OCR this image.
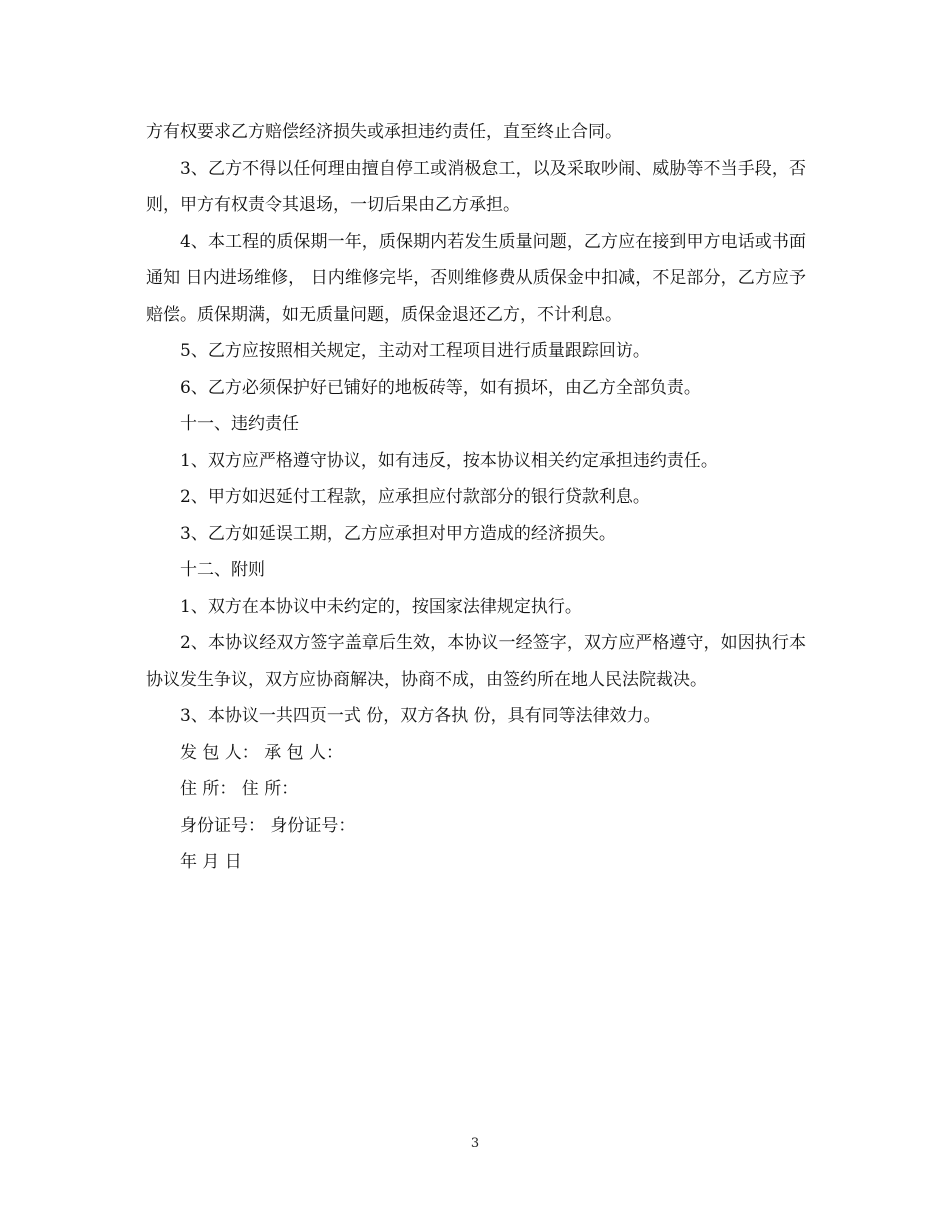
方有权要求乙方赔偿经济损失或承担违约责任，直至终止合同。

3、乙方不得以任何理由擅自停工或消极怠工，以及采取吵闹、威胁等不当手段，否则，甲方有权责令其退场，一切后果由乙方承担。

4、本工程的质保期一年，质保期内若发生质量问题，乙方应在接到甲方电话或书面通知 日内进场维修， 日内维修完毕，否则维修费从质保金中扣减，不足部分，乙方应予赔偿。质保期满，如无质量问题，质保金退还乙方，不计利息。

5、乙方应按照相关规定，主动对工程项目进行质量跟踪回访。

6、乙方必须保护好已铺好的地板砖等，如有损坏，由乙方全部负责。

十一、违约责任

1、双方应严格遵守协议，如有违反，按本协议相关约定承担违约责任。

2、甲方如迟延付工程款，应承担应付款部分的银行贷款利息。

3、乙方如延误工期，乙方应承担对甲方造成的经济损失。

十二、附则

1、双方在本协议中未约定的，按国家法律规定执行。

2、本协议经双方签字盖章后生效，本协议一经签字，双方应严格遵守，如因执行本协议发生争议，双方应协商解决，协商不成，由签约所在地人民法院裁决。

3、本协议一共四页一式 份，双方各执 份，具有同等法律效力。

发 包 人： 承 包 人：

住 所： 住 所：

身份证号： 身份证号：

年 月 日

3
